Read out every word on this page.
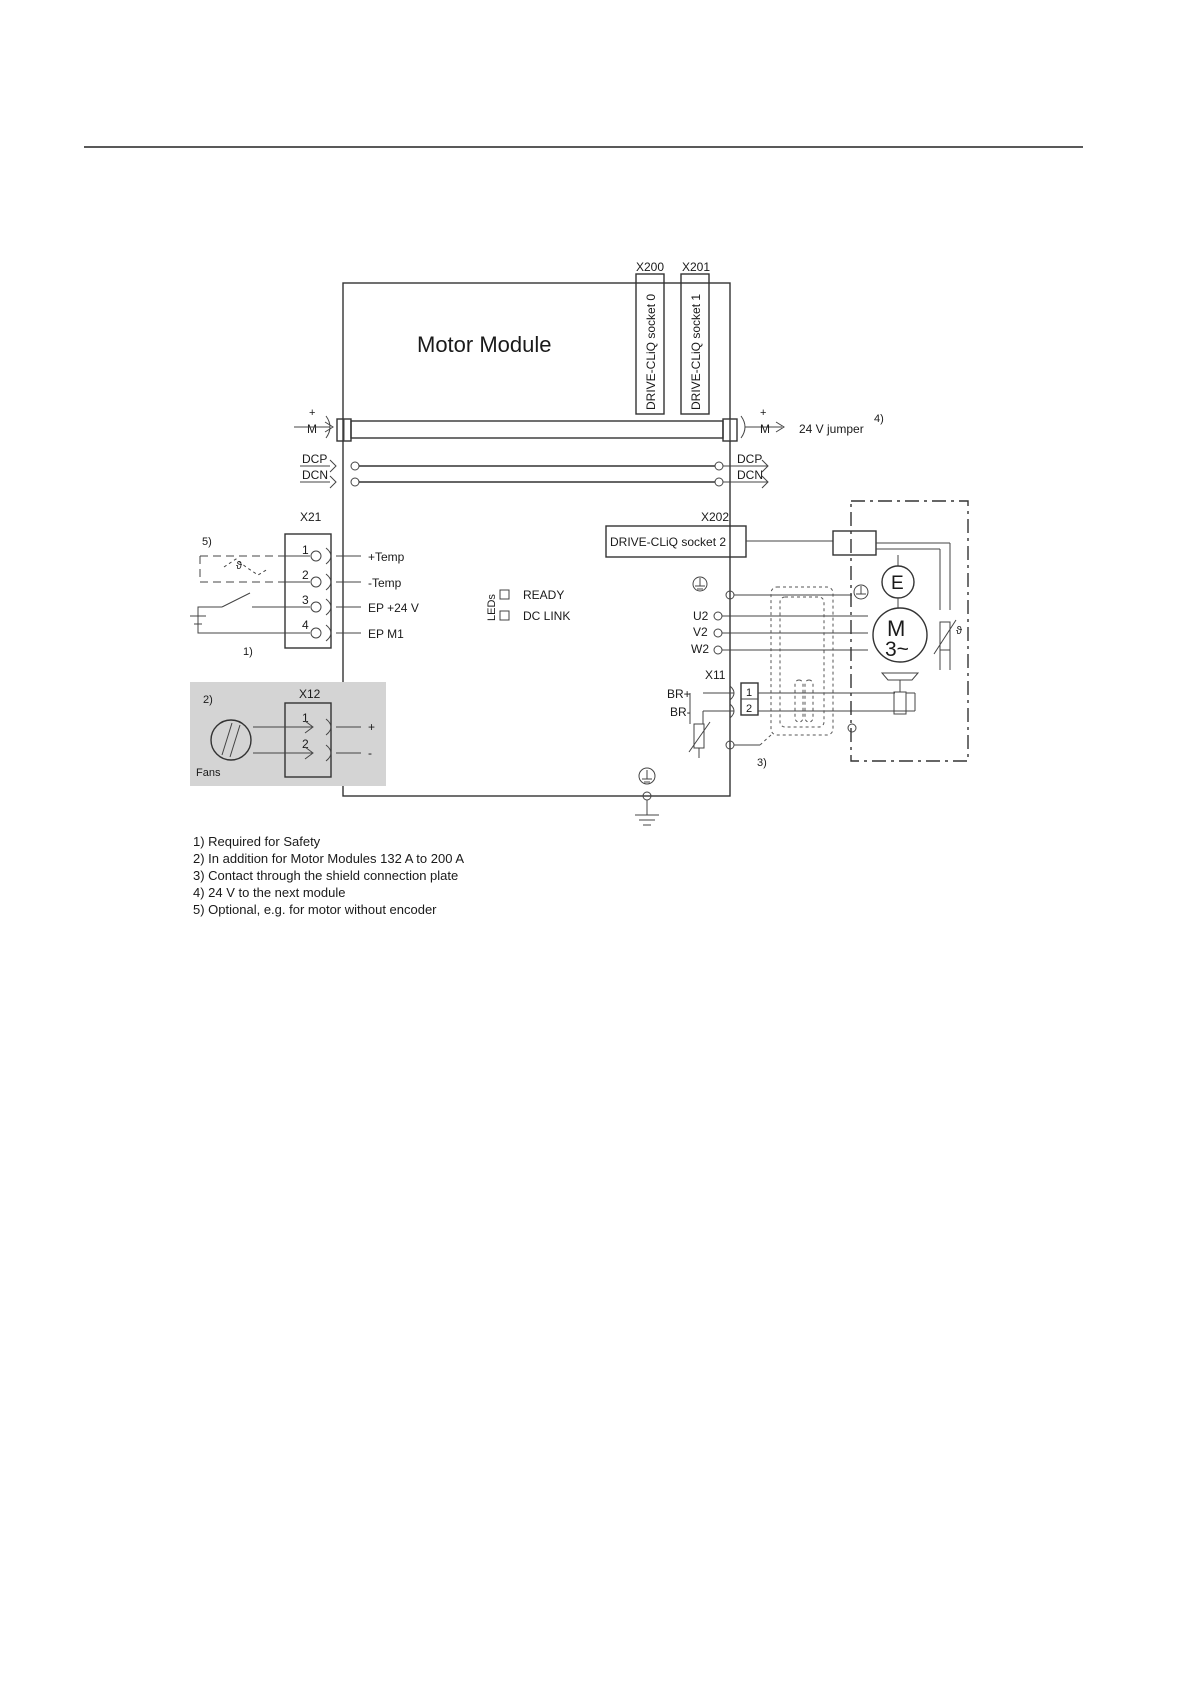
Motor Module
X200
DRIVE-CLiQ socket 0
X201
DRIVE-CLiQ socket 1
+
M
+
M 24 V jumper
4)
DCP
DCN
DCP
DCN
X21
1
2
3
4
+Temp
-Temp
EP +24 V
EP M1
5)
ϑ
1)
2)	X12
1
2
+
-
Fans
LEDs READY
DC LINK
X202
DRIVE-CLiQ socket 2
U2
V2
W2
X11
1
2
BR+
BR-
3)
E
M
3~
ϑ
1) Required for Safety
2) In addition for Motor Modules 132 A to 200 A
3) Contact through the shield connection plate
4) 24 V to the next module
5) Optional, e.g. for motor without encoder
